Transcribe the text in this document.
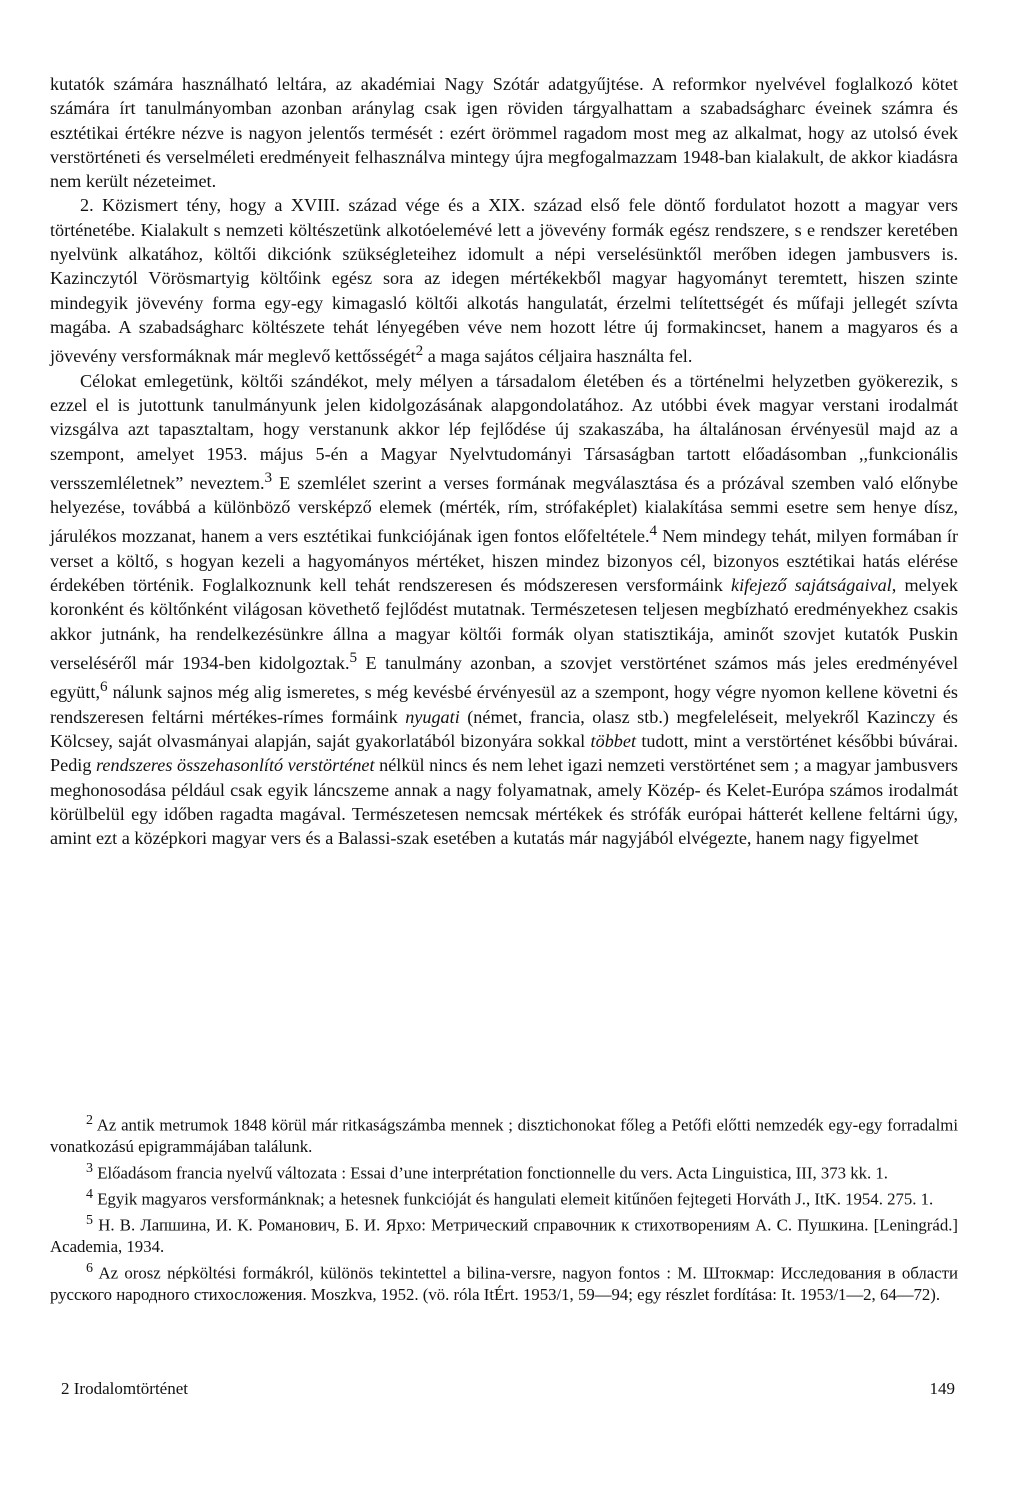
kutatók számára használható leltára, az akadémiai Nagy Szótár adatgyűjtése. A reformkor nyelvével foglalkozó kötet számára írt tanulmányomban azonban aránylag csak igen röviden tárgyalhattam a szabadságharc éveinek számra és esztétikai értékre nézve is nagyon jelentős termését : ezért örömmel ragadom most meg az alkalmat, hogy az utolsó évek verstörténeti és verselméleti eredményeit felhasználva mintegy újra megfogalmazzam 1948-ban kialakult, de akkor kiadásra nem került nézeteimet.

2. Közismert tény, hogy a XVIII. század vége és a XIX. század első fele döntő fordulatot hozott a magyar vers történetébe. Kialakult s nemzeti költészetünk alkotóelemévé lett a jövevény formák egész rendszere, s e rendszer keretében nyelvünk alkatához, költői dikciónk szükségleteihez idomult a népi verselésünktől merőben idegen jambusvers is. Kazinczytól Vörösmartyig költőink egész sora az idegen mértékekből magyar hagyományt teremtett, hiszen szinte mindegyik jövevény forma egy-egy kimagasló költői alkotás hangulatát, érzelmi telítettségét és műfaji jellegét szívta magába. A szabadságharc költészete tehát lényegében véve nem hozott létre új formakincset, hanem a magyaros és a jövevény versformáknak már meglevő kettősségét$^2$ a maga sajátos céljaira használta fel.

Célokat emlegetünk, költői szándékot, mely mélyen a társadalom életében és a történelmi helyzetben gyökerezik, s ezzel el is jutottunk tanulmányunk jelen kidolgozásának alapgondolatához. Az utóbbi évek magyar verstani irodalmát vizsgálva azt tapasztaltam, hogy verstanunk akkor lép fejlődése új szakaszába, ha általánosan érvényesül majd az a szempont, amelyet 1953. május 5-én a Magyar Nyelvtudományi Társaságban tartott előadásomban ,,funkcionális versszemléletnek” neveztem.$^3$ E szemlélet szerint a verses formának megválasztása és a prózával szemben való előnybe helyezése, továbbá a különböző versképző elemek (mérték, rím, strófaképlet) kialakítása semmi esetre sem henye dísz, járulékos mozzanat, hanem a vers esztétikai funkciójának igen fontos előfeltétele.$^4$ Nem mindegy tehát, milyen formában ír verset a költő, s hogyan kezeli a hagyományos mértéket, hiszen mindez bizonyos cél, bizonyos esztétikai hatás elérése érdekében történik. Foglalkoznunk kell tehát rendszeresen és módszeresen versformáink kifejező sajátságaival, melyek koronként és költőnként világosan követhető fejlődést mutatnak. Természetesen teljesen megbízható eredményekhez csakis akkor jutnánk, ha rendelkezésünkre állna a magyar költői formák olyan statisztikája, aminőt szovjet kutatók Puskin verseléséről már 1934-ben kidolgoztak.$^5$ E tanulmány azonban, a szovjet verstörténet számos más jeles eredményével együtt,$^6$ nálunk sajnos még alig ismeretes, s még kevésbé érvényesül az a szempont, hogy végre nyomon kellene követni és rendszeresen feltárni mértékes-rímes formáink nyugati (német, francia, olasz stb.) megfeleléseit, melyekről Kazinczy és Kölcsey, saját olvasmányai alapján, saját gyakorlatából bizonyára sokkal többet tudott, mint a verstörténet későbbi búvárai. Pedig rendszeres összehasonlító verstörténet nélkül nincs és nem lehet igazi nemzeti verstörténet sem ; a magyar jambusvers meghonosodása például csak egyik láncszeme annak a nagy folyamatnak, amely Közép- és Kelet-Európa számos irodalmát körülbelül egy időben ragadta magával. Természetesen nemcsak mértékek és strófák európai hátterét kellene feltárni úgy, amint ezt a középkori magyar vers és a Balassi-szak esetében a kutatás már nagyjából elvégezte, hanem nagy figyelmet

$^2$ Az antik metrumok 1848 körül már ritkaságszámba mennek ; disztichonokat főleg a Petőfi előtti nemzedék egy-egy forradalmi vonatkozású epigrammájában találunk.

$^3$ Előadásom francia nyelvű változata : Essai d’une interprétation fonctionnelle du vers. Acta Linguistica, III, 373 kk. 1.

$^4$ Egyik magyaros versformánknak; a hetesnek funkcióját és hangulati elemeit kitűnően fejtegeti Horváth J., ItK. 1954. 275. 1.

$^5$ Н. В. Лапшина, И. К. Романович, Б. И. Ярхо: Метрический справочник к стихотворениям А. С. Пушкина. [Leningrád.] Academia, 1934.

$^6$ Az orosz népköltési formákról, különös tekintettel a bilina-versre, nagyon fontos : М. Штокмар: Исследования в области русского народного стихосложения. Moszkva, 1952. (vö. róla ItÉrt. 1953/1, 59—94; egy részlet fordítása: It. 1953/1—2, 64—72).

2 Irodalomtörténet	149
